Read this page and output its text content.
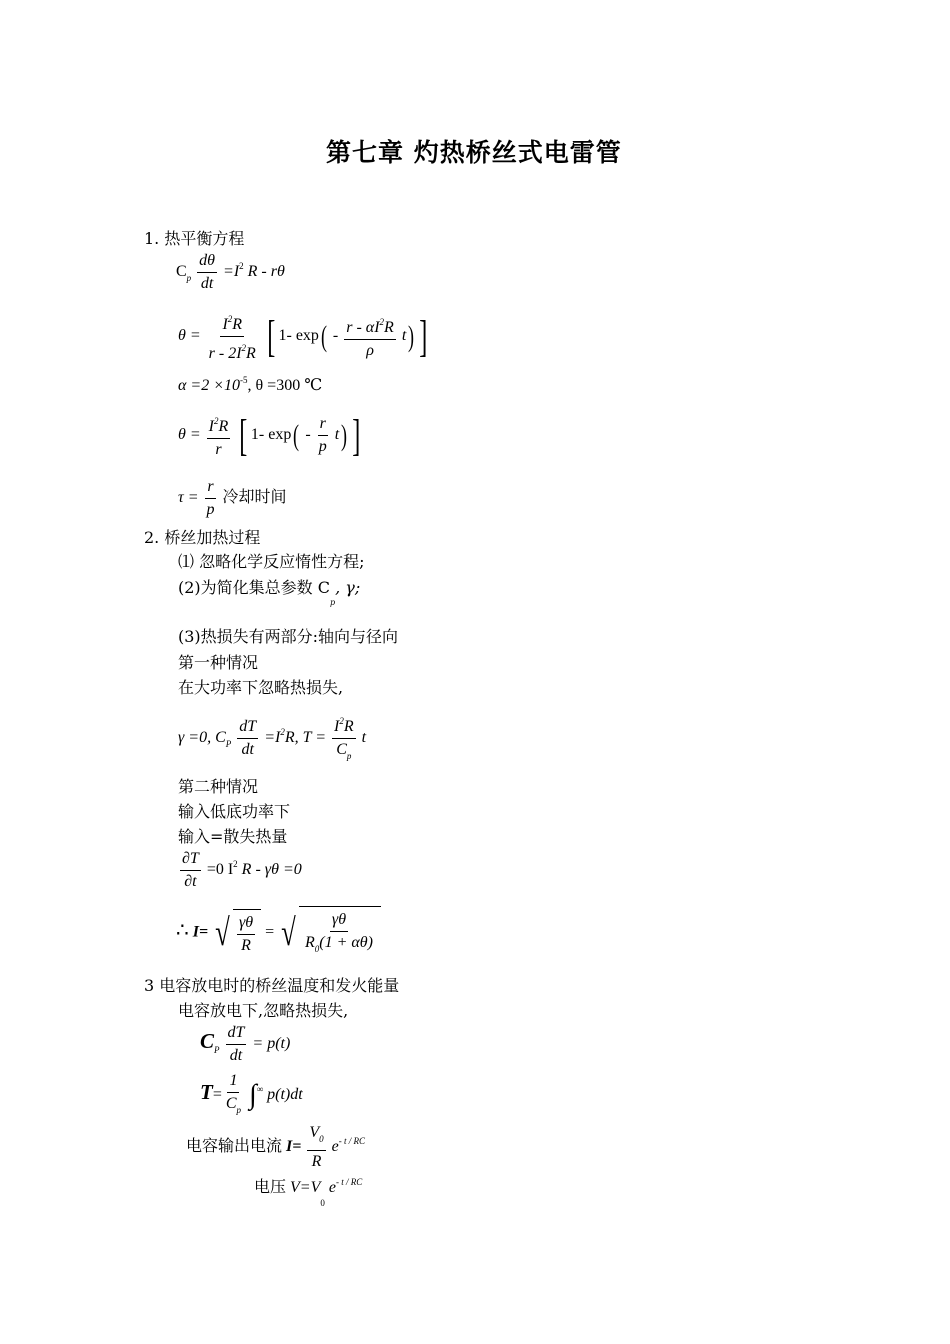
第七章 灼热桥丝式电雷管
1. 热平衡方程
$C_p \frac{d\theta}{dt} =I^2$ R - rθ
$\theta = \frac{I^2R}{r - 2I^2R}$ [ 1- $\exp( - \frac{r - \alpha I^2R}{\rho} t)$ ]
$\alpha =2 \times 10^{-5}$, θ =300 ℃
$\theta = \frac{I^2R}{r}$ [ 1- $\exp( - \frac{r}{p} t)$ ]
$\tau = \frac{r}{p}$ 冷却时间
2. 桥丝加热过程
⑴ 忽略化学反应惰性方程;
(2)为简化集总参数 $C_p$, γ;
(3)热损失有两部分:轴向与径向
第一种情况
在大功率下忽略热损失,
γ =0, $C_P \frac{dT}{dt} =I^2R$, $T = \frac{I^2R}{C_p}$ t
第二种情况
输入低底功率下
输入=散失热量
$\frac{\partial T}{\partial t} =0$ $I^2$ R - γθ =0
∴ I= √ $\frac{\gamma\theta}{R}$ = √ $\frac{\gamma\theta}{R_0(1 + \alpha\theta)}$
3 电容放电时的桥丝温度和发火能量
电容放电下,忽略热损失,
$C_P \frac{dT}{dt} = p(t)$
$T= \frac{1}{C_p} \int^\infty$ p(t)dt
电容输出电流 $I= \frac{V_0}{R} e^{- t / RC}$
电压 $V=V_0$ $e^{- t / RC}$
